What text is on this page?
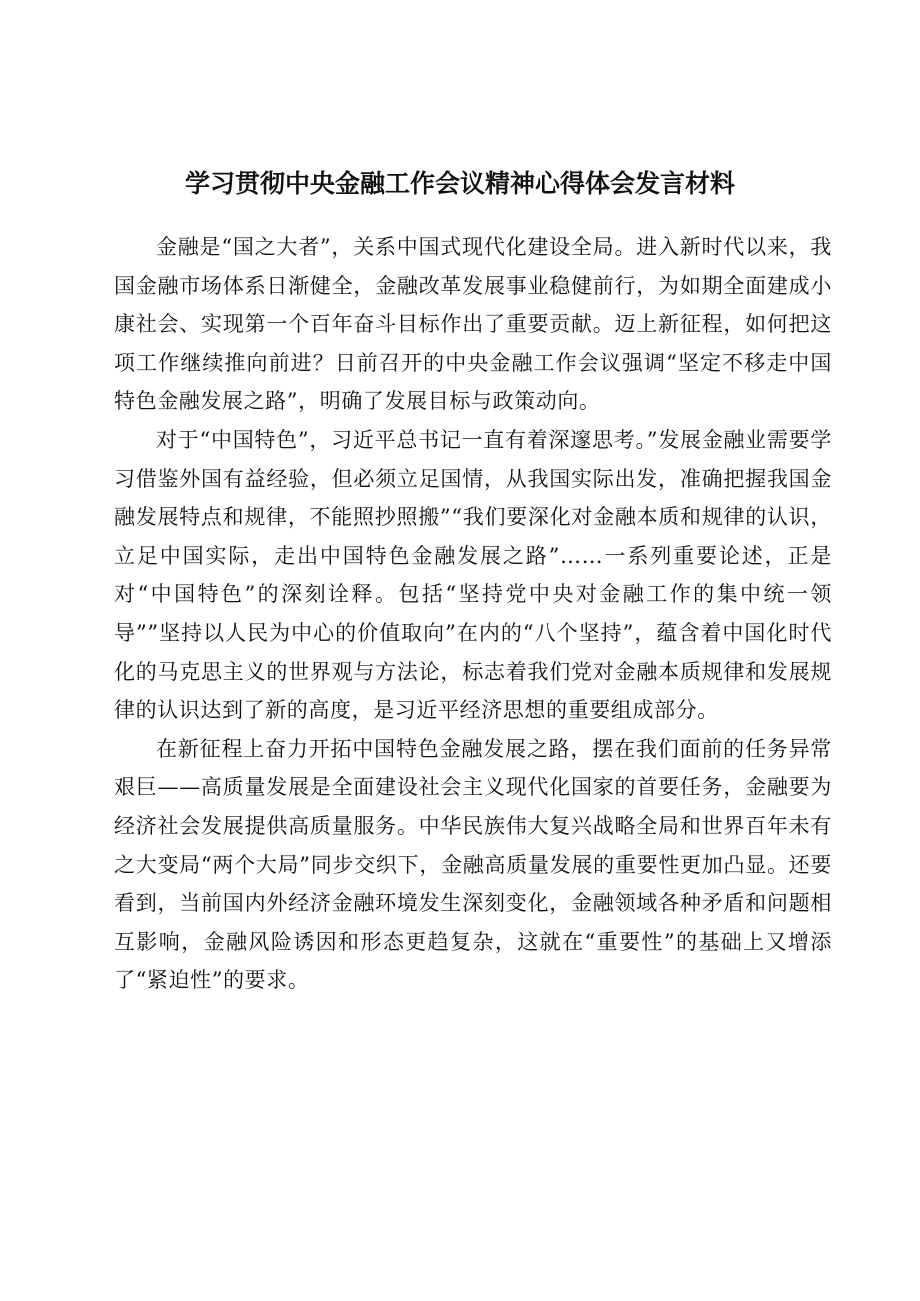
学习贯彻中央金融工作会议精神心得体会发言材料

金融是“国之大者”，关系中国式现代化建设全局。进入新时代以来，我国金融市场体系日渐健全，金融改革发展事业稳健前行，为如期全面建成小康社会、实现第一个百年奋斗目标作出了重要贡献。迈上新征程，如何把这项工作继续推向前进？日前召开的中央金融工作会议强调“坚定不移走中国特色金融发展之路”，明确了发展目标与政策动向。

对于“中国特色”，习近平总书记一直有着深邃思考。”发展金融业需要学习借鉴外国有益经验，但必须立足国情，从我国实际出发，准确把握我国金融发展特点和规律，不能照抄照搬”“我们要深化对金融本质和规律的认识，立足中国实际，走出中国特色金融发展之路”……一系列重要论述，正是对“中国特色”的深刻诠释。包括“坚持党中央对金融工作的集中统一领导””坚持以人民为中心的价值取向”在内的“八个坚持”，蕴含着中国化时代化的马克思主义的世界观与方法论，标志着我们党对金融本质规律和发展规律的认识达到了新的高度，是习近平经济思想的重要组成部分。

在新征程上奋力开拓中国特色金融发展之路，摆在我们面前的任务异常艰巨——高质量发展是全面建设社会主义现代化国家的首要任务，金融要为经济社会发展提供高质量服务。中华民族伟大复兴战略全局和世界百年未有之大变局“两个大局”同步交织下，金融高质量发展的重要性更加凸显。还要看到，当前国内外经济金融环境发生深刻变化，金融领域各种矛盾和问题相互影响，金融风险诱因和形态更趋复杂，这就在“重要性”的基础上又增添了“紧迫性”的要求。
